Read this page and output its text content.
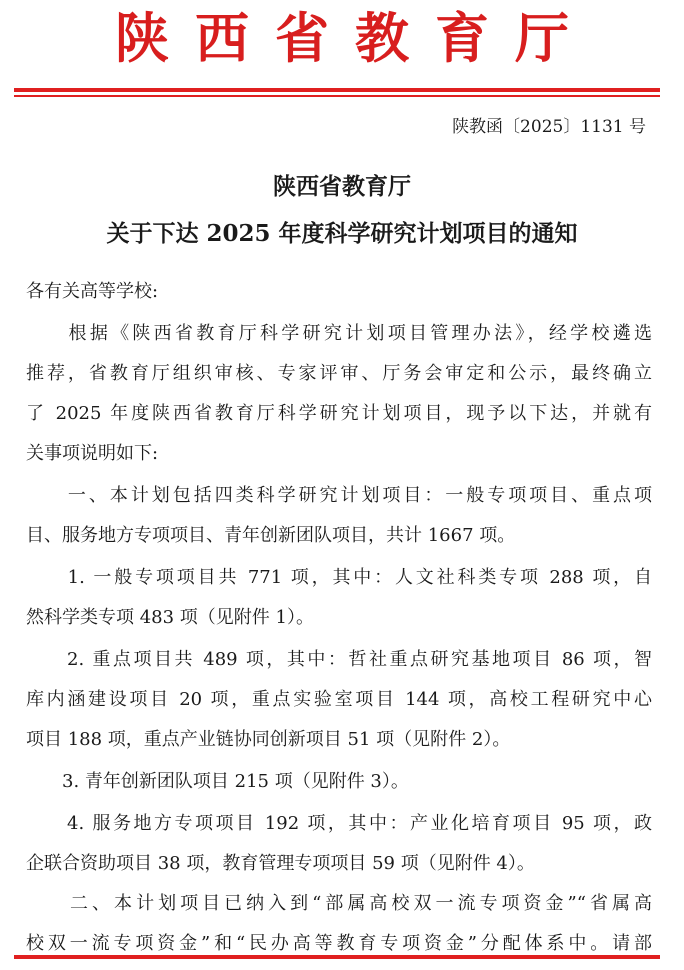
陕西省教育厅
陕教函〔2025〕1131 号
陕西省教育厅
关于下达 2025 年度科学研究计划项目的通知
各有关高等学校:
　　根据《陕西省教育厅科学研究计划项目管理办法》，经学校遴选
推荐，省教育厅组织审核、专家评审、厅务会审定和公示，最终确立
了 2025 年度陕西省教育厅科学研究计划项目，现予以下达，并就有
关事项说明如下:
　　一、本计划包括四类科学研究计划项目：一般专项项目、重点项
目、服务地方专项项目、青年创新团队项目，共计 1667 项。
　　1. 一般专项项目共 771 项，其中：人文社科类专项 288 项，自
然科学类专项 483 项（见附件 1）。
　　2. 重点项目共 489 项，其中：哲社重点研究基地项目 86 项，智
库内涵建设项目 20 项，重点实验室项目 144 项，高校工程研究中心
项目 188 项，重点产业链协同创新项目 51 项（见附件 2）。
　　3. 青年创新团队项目 215 项（见附件 3）。
　　4. 服务地方专项项目 192 项，其中：产业化培育项目 95 项，政
企联合资助项目 38 项，教育管理专项项目 59 项（见附件 4）。
　　二、本计划项目已纳入到“部属高校双一流专项资金”“省属高
校双一流专项资金”和“民办高等教育专项资金”分配体系中。请部
